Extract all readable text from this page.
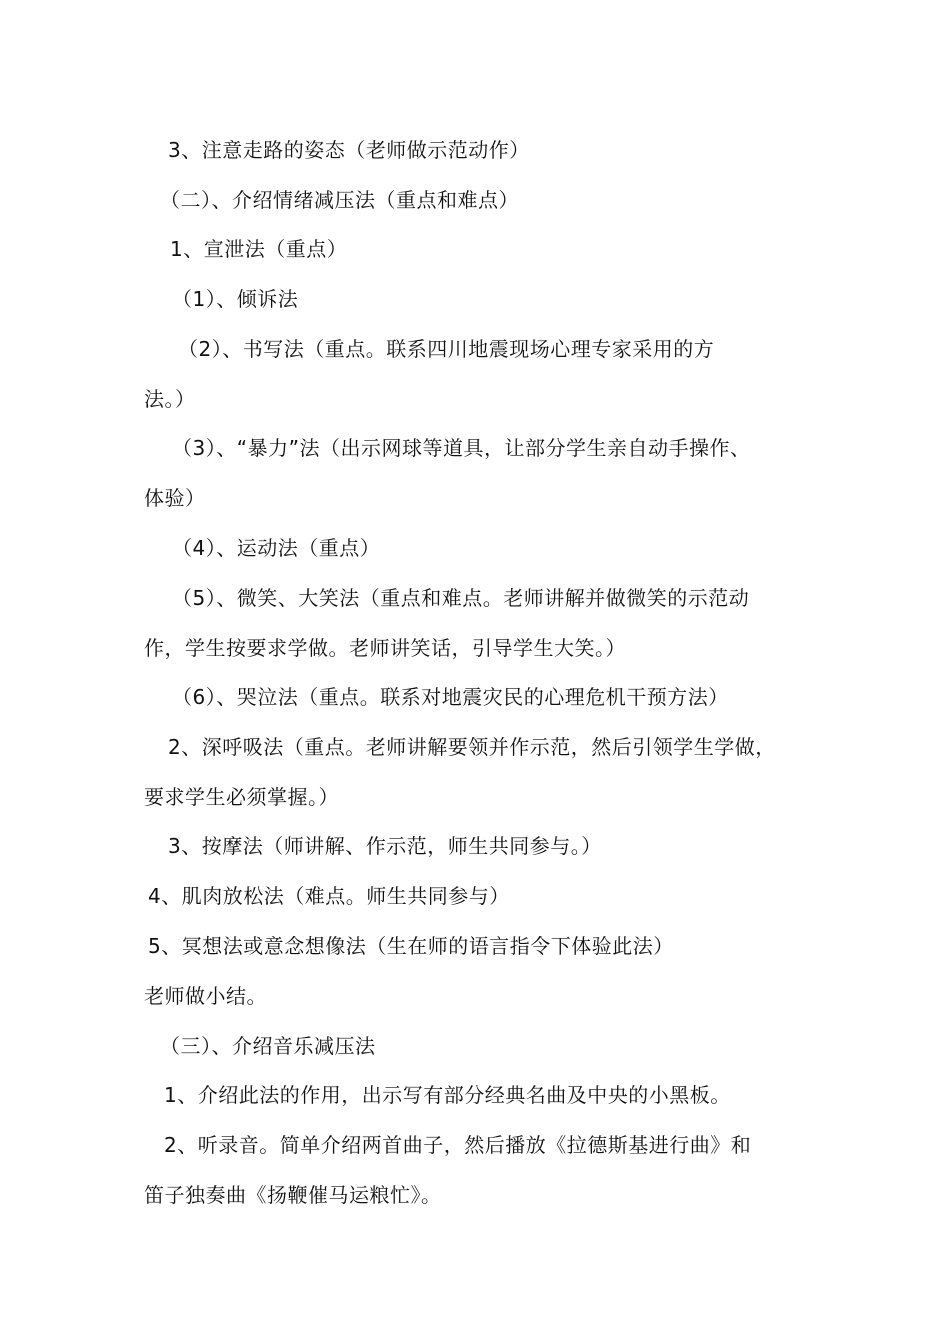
3、注意走路的姿态（老师做示范动作）
（二）、介绍情绪减压法（重点和难点）
1、宣泄法（重点）
（1）、倾诉法
（2）、书写法（重点。联系四川地震现场心理专家采用的方
法。）
（3）、“暴力”法（出示网球等道具，让部分学生亲自动手操作、
体验）
（4）、运动法（重点）
（5）、微笑、大笑法（重点和难点。老师讲解并做微笑的示范动
作，学生按要求学做。老师讲笑话，引导学生大笑。）
（6）、哭泣法（重点。联系对地震灾民的心理危机干预方法）
2、深呼吸法（重点。老师讲解要领并作示范，然后引领学生学做，
要求学生必须掌握。）
3、按摩法（师讲解、作示范，师生共同参与。）
4、肌肉放松法（难点。师生共同参与）
5、冥想法或意念想像法（生在师的语言指令下体验此法）
老师做小结。
（三）、介绍音乐减压法
1、介绍此法的作用，出示写有部分经典名曲及中央的小黑板。
2、听录音。简单介绍两首曲子，然后播放《拉德斯基进行曲》和
笛子独奏曲《扬鞭催马运粮忙》。
